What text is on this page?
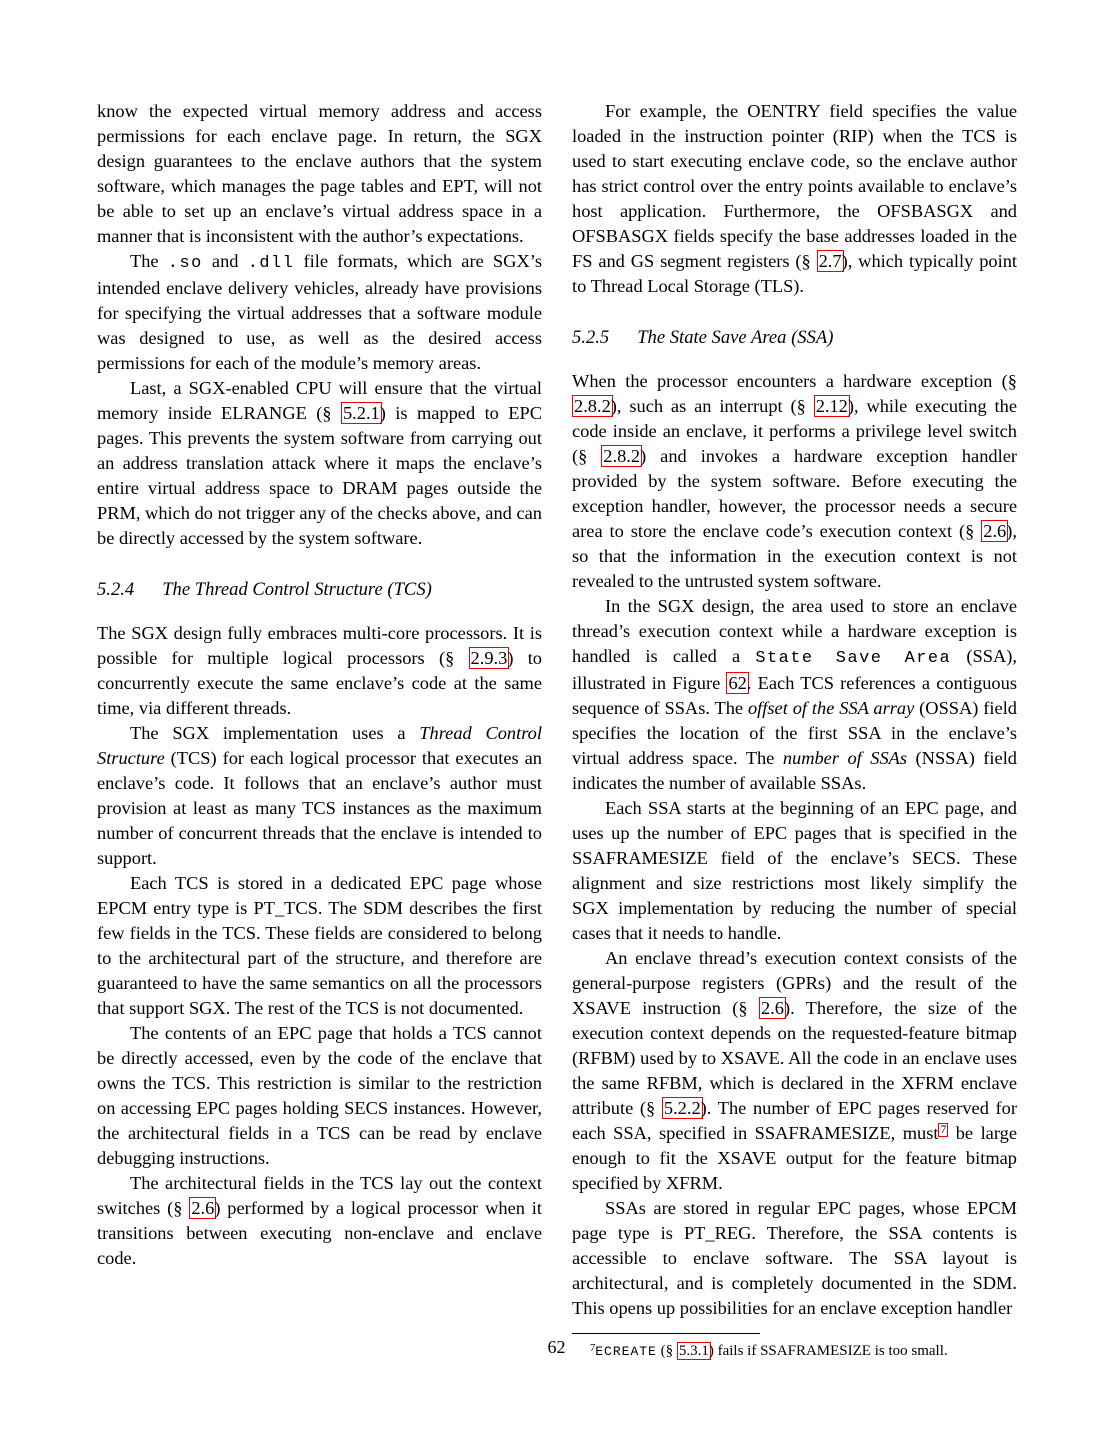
know the expected virtual memory address and access permissions for each enclave page. In return, the SGX design guarantees to the enclave authors that the system software, which manages the page tables and EPT, will not be able to set up an enclave’s virtual address space in a manner that is inconsistent with the author’s expectations.

The .so and .dll file formats, which are SGX’s intended enclave delivery vehicles, already have provisions for specifying the virtual addresses that a software module was designed to use, as well as the desired access permissions for each of the module’s memory areas.

Last, a SGX-enabled CPU will ensure that the virtual memory inside ELRANGE (§ 5.2.1) is mapped to EPC pages. This prevents the system software from carrying out an address translation attack where it maps the enclave’s entire virtual address space to DRAM pages outside the PRM, which do not trigger any of the checks above, and can be directly accessed by the system software.

5.2.4 The Thread Control Structure (TCS)

The SGX design fully embraces multi-core processors. It is possible for multiple logical processors (§ 2.9.3) to concurrently execute the same enclave’s code at the same time, via different threads.

The SGX implementation uses a Thread Control Structure (TCS) for each logical processor that executes an enclave’s code. It follows that an enclave’s author must provision at least as many TCS instances as the maximum number of concurrent threads that the enclave is intended to support.

Each TCS is stored in a dedicated EPC page whose EPCM entry type is PT_TCS. The SDM describes the first few fields in the TCS. These fields are considered to belong to the architectural part of the structure, and therefore are guaranteed to have the same semantics on all the processors that support SGX. The rest of the TCS is not documented.

The contents of an EPC page that holds a TCS cannot be directly accessed, even by the code of the enclave that owns the TCS. This restriction is similar to the restriction on accessing EPC pages holding SECS instances. However, the architectural fields in a TCS can be read by enclave debugging instructions.

The architectural fields in the TCS lay out the context switches (§ 2.6) performed by a logical processor when it transitions between executing non-enclave and enclave code.

For example, the OENTRY field specifies the value loaded in the instruction pointer (RIP) when the TCS is used to start executing enclave code, so the enclave author has strict control over the entry points available to enclave’s host application. Furthermore, the OFSBASGX and OFSBASGX fields specify the base addresses loaded in the FS and GS segment registers (§ 2.7), which typically point to Thread Local Storage (TLS).

5.2.5 The State Save Area (SSA)

When the processor encounters a hardware exception (§ 2.8.2), such as an interrupt (§ 2.12), while executing the code inside an enclave, it performs a privilege level switch (§ 2.8.2) and invokes a hardware exception handler provided by the system software. Before executing the exception handler, however, the processor needs a secure area to store the enclave code’s execution context (§ 2.6), so that the information in the execution context is not revealed to the untrusted system software.

In the SGX design, the area used to store an enclave thread’s execution context while a hardware exception is handled is called a State Save Area (SSA), illustrated in Figure 62. Each TCS references a contiguous sequence of SSAs. The offset of the SSA array (OSSA) field specifies the location of the first SSA in the enclave’s virtual address space. The number of SSAs (NSSA) field indicates the number of available SSAs.

Each SSA starts at the beginning of an EPC page, and uses up the number of EPC pages that is specified in the SSAFRAMESIZE field of the enclave’s SECS. These alignment and size restrictions most likely simplify the SGX implementation by reducing the number of special cases that it needs to handle.

An enclave thread’s execution context consists of the general-purpose registers (GPRs) and the result of the XSAVE instruction (§ 2.6). Therefore, the size of the execution context depends on the requested-feature bitmap (RFBM) used by to XSAVE. All the code in an enclave uses the same RFBM, which is declared in the XFRM enclave attribute (§ 5.2.2). The number of EPC pages reserved for each SSA, specified in SSAFRAMESIZE, must $^7$ be large enough to fit the XSAVE output for the feature bitmap specified by XFRM.

SSAs are stored in regular EPC pages, whose EPCM page type is PT_REG. Therefore, the SSA contents is accessible to enclave software. The SSA layout is architectural, and is completely documented in the SDM. This opens up possibilities for an enclave exception handler

$^7$ECREATE (§ 5.3.1) fails if SSAFRAMESIZE is too small.

62
